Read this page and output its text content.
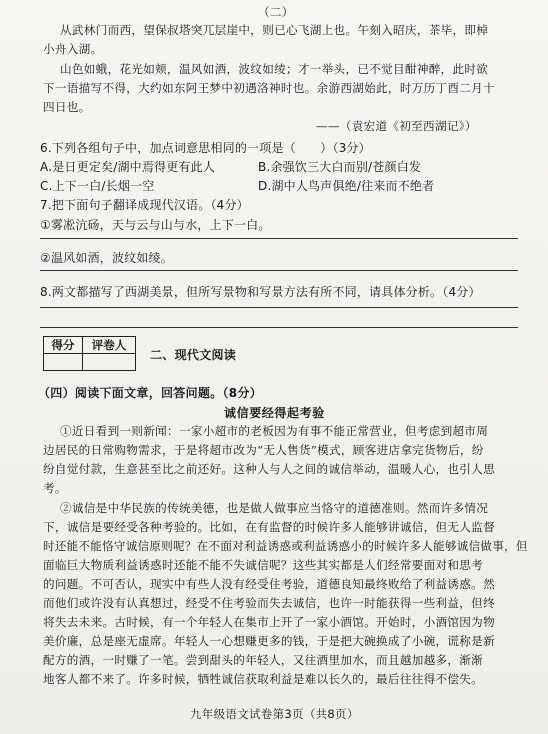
（二）
从武林门而西，望保叔塔突兀层崖中，则已心飞湖上也。午刻入昭庆，茶毕，即棹
小舟入湖。
山色如蛾，花光如颊，温风如酒，波纹如绫；才一举头，已不觉目酣神醉，此时欲
下一语描写不得，大约如东阿王梦中初遇洛神时也。余游西湖始此，时万历丁酉二月十
四日也。
——（袁宏道《初至西湖记》）
6.下列各组句子中，加点词意思相同的一项是（　　）（3分）
A.是日更定矣/湖中焉得更有此人	B.余强饮三大白而别/苍颜白发
C.上下一白/长烟一空	D.湖中人鸟声俱绝/往来而不绝者
7.把下面句子翻译成现代汉语。（4分）
①雾凇沆砀，天与云与山与水，上下一白。
②温风如酒，波纹如绫。
8.两文都描写了西湖美景，但所写景物和写景方法有所不同，请具体分析。（4分）
得分	评卷人

二、现代文阅读
（四）阅读下面文章，回答问题。（8分）
诚信要经得起考验
①近日看到一则新闻：一家小超市的老板因为有事不能正常营业，但考虑到超市周
边居民的日常购物需求，于是将超市改为“无人售货”模式，顾客进店拿完货物后，纷
纷自觉付款，生意甚至比之前还好。这种人与人之间的诚信举动，温暖人心，也引人思
考。
②诚信是中华民族的传统美德，也是做人做事应当恪守的道德准则。然而许多情况
下，诚信是要经受各种考验的。比如，在有监督的时候许多人能够讲诚信，但无人监督
时还能不能恪守诚信原则呢？在不面对利益诱惑或利益诱惑小的时候许多人能够诚信做事，但
面临巨大物质利益诱惑时还能不能不失诚信呢？这些其实都是人们经常要面对和思考
的问题。不可否认，现实中有些人没有经受住考验，道德良知最终败给了利益诱惑。然
而他们或许没有认真想过，经受不住考验而失去诚信，也许一时能获得一些利益，但终
将失去未来。古时候，有一个年轻人在集市上开了一家小酒馆。开始时，小酒馆因为物
美价廉，总是座无虚席。年轻人一心想赚更多的钱，于是把大碗换成了小碗，谎称是新
配方的酒，一时赚了一笔。尝到甜头的年轻人，又往酒里加水，而且越加越多，渐渐
地客人都不来了。许多时候，牺牲诚信获取利益是难以长久的，最后往往得不偿失。
九年级语文试卷第3页（共8页）
